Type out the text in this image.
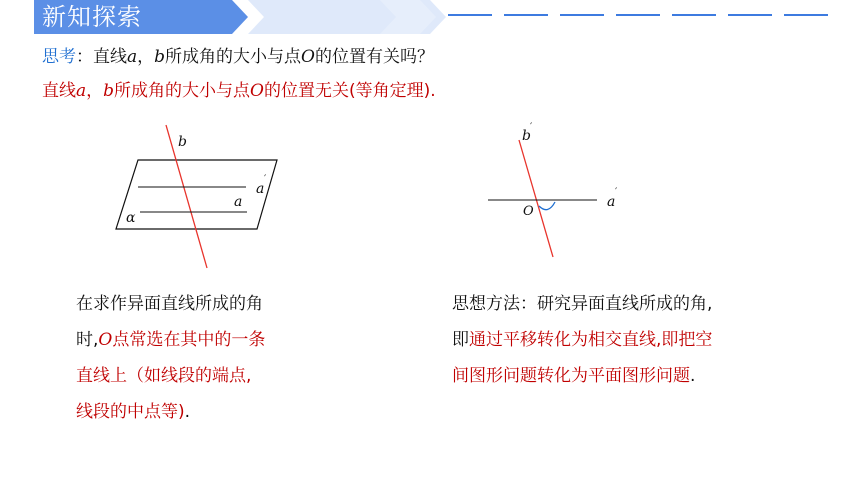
新知探索
思考：直线a，b所成角的大小与点O的位置有关吗？
直线a，b所成角的大小与点O的位置无关(等角定理).
b
a
′
a
α
b
′
a
′
O
在求作异面直线所成的角
时,O点常选在其中的一条
直线上（如线段的端点,
线段的中点等).
思想方法：研究异面直线所成的角,
即通过平移转化为相交直线,即把空
间图形问题转化为平面图形问题.
